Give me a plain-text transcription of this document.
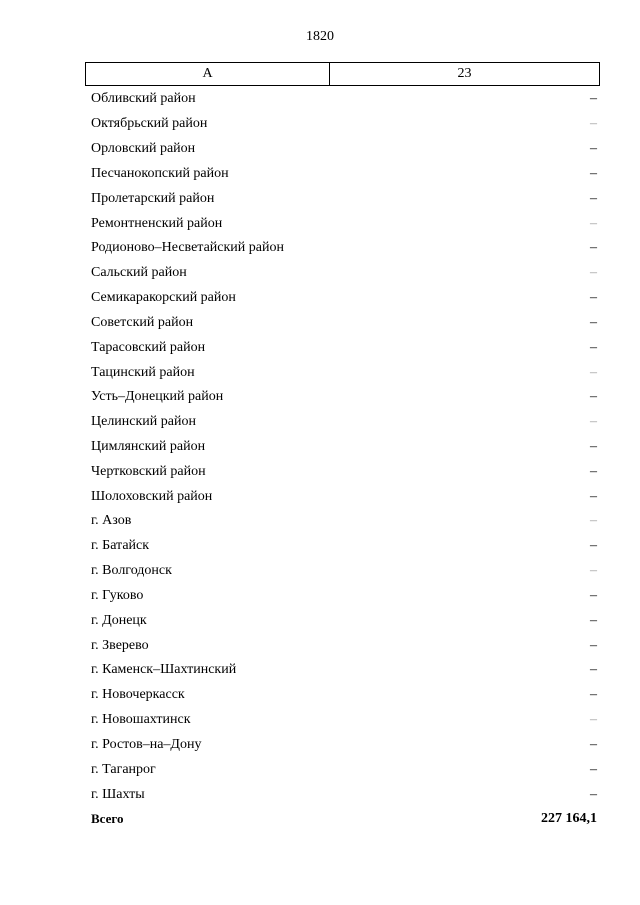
1820
А	23
Обливский район	–
Октябрьский район	–
Орловский район	–
Песчанокопский район	–
Пролетарский район	–
Ремонтненский район	–
Родионово–Несветайский район	–
Сальский район	–
Семикаракорский район	–
Советский район	–
Тарасовский район	–
Тацинский район	–
Усть–Донецкий район	–
Целинский район	–
Цимлянский район	–
Чертковский район	–
Шолоховский район	–
г. Азов	–
г. Батайск	–
г. Волгодонск	–
г. Гуково	–
г. Донецк	–
г. Зверево	–
г. Каменск–Шахтинский	–
г. Новочеркасск	–
г. Новошахтинск	–
г. Ростов–на–Дону	–
г. Таганрог	–
г. Шахты	–
Всего	227 164,1
